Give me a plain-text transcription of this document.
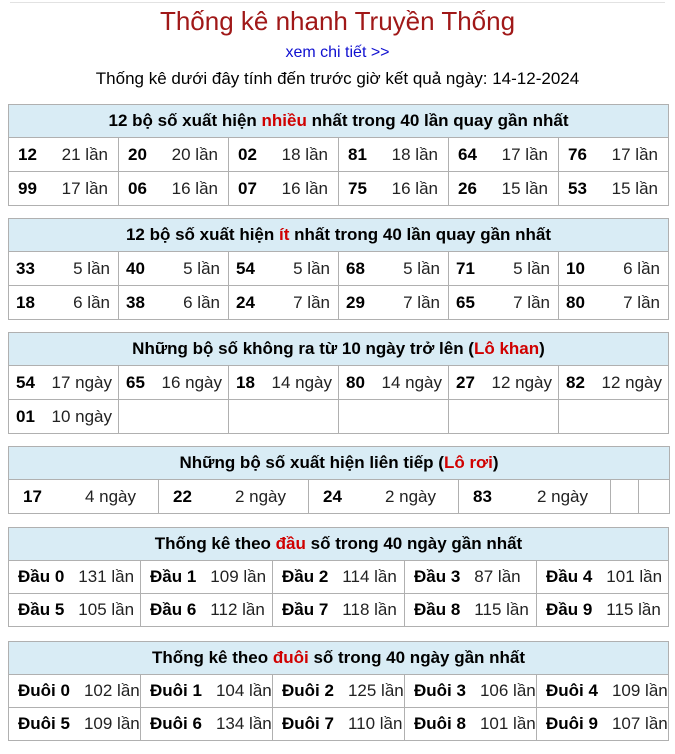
Thống kê nhanh Truyền Thống
xem chi tiết >>
Thống kê dưới đây tính đến trước giờ kết quả ngày: 14-12-2024
12 bộ số xuất hiện nhiều nhất trong 40 lần quay gần nhất					

12 21 lần	20 20 lần	02 18 lần	81 18 lần	64 17 lần	76 17 lần

99 17 lần	06 16 lần	07 16 lần	75 16 lần	26 15 lần	53 15 lần
12 bộ số xuất hiện ít nhất trong 40 lần quay gần nhất					

33 5 lần	40 5 lần	54 5 lần	68 5 lần	71 5 lần	10 6 lần

18 6 lần	38 6 lần	24 7 lần	29 7 lần	65 7 lần	80 7 lần
Những bộ số không ra từ 10 ngày trở lên (Lô khan)					

54 17 ngày	65 16 ngày	18 14 ngày	80 14 ngày	27 12 ngày	82 12 ngày

01 10 ngày					

Những bộ số xuất hiện liên tiếp (Lô rơi)

17	4 ngày	22	2 ngày	24	2 ngày	83	2 ngày

Thống kê theo đầu số trong 40 ngày gần nhất				

Đầu 0 131 lần	Đầu 1 109 lần	Đầu 2 114 lần	Đầu 3 87 lần	Đầu 4 101 lần

Đầu 5 105 lần	Đầu 6 112 lần	Đầu 7 118 lần	Đầu 8 115 lần	Đầu 9 115 lần
Thống kê theo đuôi số trong 40 ngày gần nhất				

Đuôi 0 102 lần	Đuôi 1 104 lần	Đuôi 2 125 lần	Đuôi 3 106 lần	Đuôi 4 109 lần

Đuôi 5 109 lần	Đuôi 6 134 lần	Đuôi 7 110 lần	Đuôi 8 101 lần	Đuôi 9 107 lần
